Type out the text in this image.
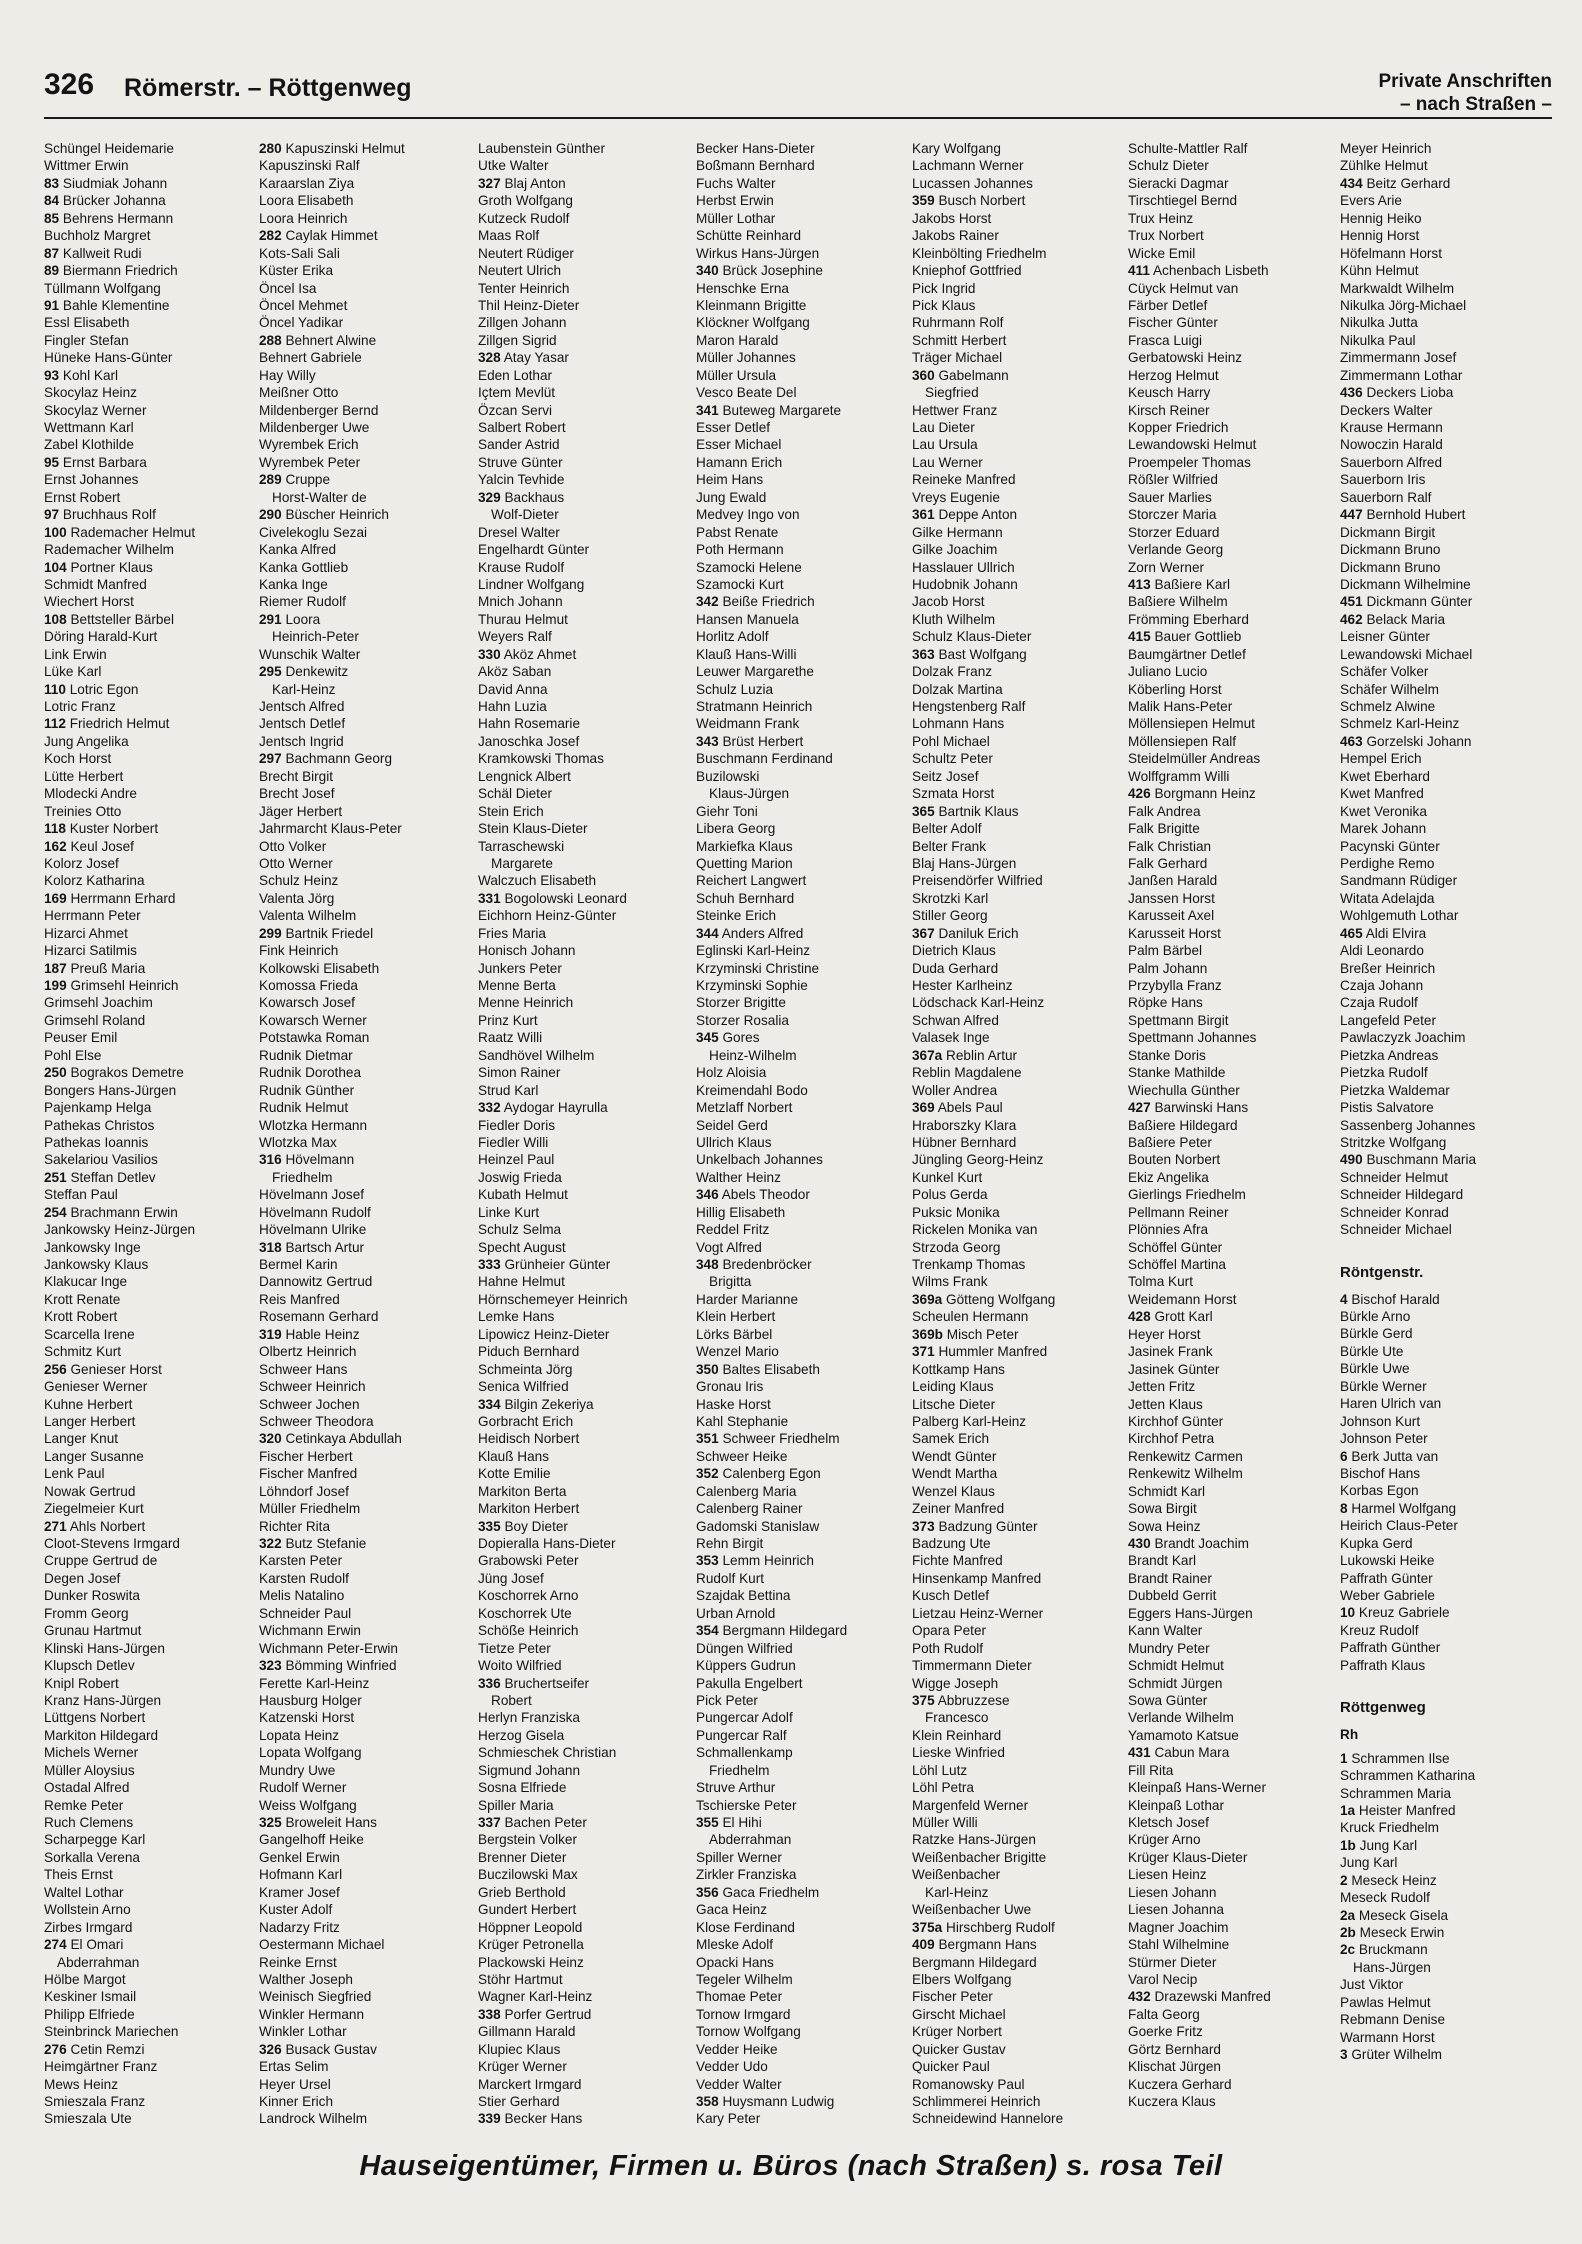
326 Römerstr. – Röttgenweg	Private Anschriften
– nach Straßen –
Schüngel Heidemarie
Wittmer Erwin
83 Siudmiak Johann
84 Brücker Johanna
85 Behrens Hermann
Buchholz Margret
87 Kallweit Rudi
89 Biermann Friedrich
Tüllmann Wolfgang
91 Bahle Klementine
Essl Elisabeth
Fingler Stefan
Hüneke Hans-Günter
93 Kohl Karl
Skocylaz Heinz
Skocylaz Werner
Wettmann Karl
Zabel Klothilde
95 Ernst Barbara
Ernst Johannes
Ernst Robert
97 Bruchhaus Rolf
100 Rademacher Helmut
Rademacher Wilhelm
104 Portner Klaus
Schmidt Manfred
Wiechert Horst
108 Bettsteller Bärbel
Döring Harald-Kurt
Link Erwin
Lüke Karl
110 Lotric Egon
Lotric Franz
112 Friedrich Helmut
Jung Angelika
Koch Horst
Lütte Herbert
Mlodecki Andre
Treinies Otto
118 Kuster Norbert
162 Keul Josef
Kolorz Josef
Kolorz Katharina
169 Herrmann Erhard
Herrmann Peter
Hizarci Ahmet
Hizarci Satilmis
187 Preuß Maria
199 Grimsehl Heinrich
Grimsehl Joachim
Grimsehl Roland
Peuser Emil
Pohl Else
250 Bograkos Demetre
Bongers Hans-Jürgen
Pajenkamp Helga
Pathekas Christos
Pathekas Ioannis
Sakelariou Vasilios
251 Steffan Detlev
Steffan Paul
254 Brachmann Erwin
Jankowsky Heinz-Jürgen
Jankowsky Inge
Jankowsky Klaus
Klakucar Inge
Krott Renate
Krott Robert
Scarcella Irene
Schmitz Kurt
256 Genieser Horst
Genieser Werner
Kuhne Herbert
Langer Herbert
Langer Knut
Langer Susanne
Lenk Paul
Nowak Gertrud
Ziegelmeier Kurt
271 Ahls Norbert
Cloot-Stevens Irmgard
Cruppe Gertrud de
Degen Josef
Dunker Roswita
Fromm Georg
Grunau Hartmut
Klinski Hans-Jürgen
Klupsch Detlev
Knipl Robert
Kranz Hans-Jürgen
Lüttgens Norbert
Markiton Hildegard
Michels Werner
Müller Aloysius
Ostadal Alfred
Remke Peter
Ruch Clemens
Scharpegge Karl
Sorkalla Verena
Theis Ernst
Waltel Lothar
Wollstein Arno
Zirbes Irmgard
274 El Omari
Abderrahman
Hölbe Margot
Keskiner Ismail
Philipp Elfriede
Steinbrinck Mariechen
276 Cetin Remzi
Heimgärtner Franz
Mews Heinz
Smieszala Franz
Smieszala Ute
280 Kapuszinski Helmut
Kapuszinski Ralf
Karaarslan Ziya
Loora Elisabeth
Loora Heinrich
282 Caylak Himmet
Kots-Sali Sali
Küster Erika
Öncel Isa
Öncel Mehmet
Öncel Yadikar
288 Behnert Alwine
Behnert Gabriele
Hay Willy
Meißner Otto
Mildenberger Bernd
Mildenberger Uwe
Wyrembek Erich
Wyrembek Peter
289 Cruppe
Horst-Walter de
290 Büscher Heinrich
Civelekoglu Sezai
Kanka Alfred
Kanka Gottlieb
Kanka Inge
Riemer Rudolf
291 Loora
Heinrich-Peter
Wunschik Walter
295 Denkewitz
Karl-Heinz
Jentsch Alfred
Jentsch Detlef
Jentsch Ingrid
297 Bachmann Georg
Brecht Birgit
Brecht Josef
Jäger Herbert
Jahrmarcht Klaus-Peter
Otto Volker
Otto Werner
Schulz Heinz
Valenta Jörg
Valenta Wilhelm
299 Bartnik Friedel
Fink Heinrich
Kolkowski Elisabeth
Komossa Frieda
Kowarsch Josef
Kowarsch Werner
Potstawka Roman
Rudnik Dietmar
Rudnik Dorothea
Rudnik Günther
Rudnik Helmut
Wlotzka Hermann
Wlotzka Max
316 Hövelmann
Friedhelm
Hövelmann Josef
Hövelmann Rudolf
Hövelmann Ulrike
318 Bartsch Artur
Bermel Karin
Dannowitz Gertrud
Reis Manfred
Rosemann Gerhard
319 Hable Heinz
Olbertz Heinrich
Schweer Hans
Schweer Heinrich
Schweer Jochen
Schweer Theodora
320 Cetinkaya Abdullah
Fischer Herbert
Fischer Manfred
Löhndorf Josef
Müller Friedhelm
Richter Rita
322 Butz Stefanie
Karsten Peter
Karsten Rudolf
Melis Natalino
Schneider Paul
Wichmann Erwin
Wichmann Peter-Erwin
323 Bömming Winfried
Ferette Karl-Heinz
Hausburg Holger
Katzenski Horst
Lopata Heinz
Lopata Wolfgang
Mundry Uwe
Rudolf Werner
Weiss Wolfgang
325 Broweleit Hans
Gangelhoff Heike
Genkel Erwin
Hofmann Karl
Kramer Josef
Kuster Adolf
Nadarzy Fritz
Oestermann Michael
Reinke Ernst
Walther Joseph
Weinisch Siegfried
Winkler Hermann
Winkler Lothar
326 Busack Gustav
Ertas Selim
Heyer Ursel
Kinner Erich
Landrock Wilhelm
Laubenstein Günther
Utke Walter
327 Blaj Anton
Groth Wolfgang
Kutzeck Rudolf
Maas Rolf
Neutert Rüdiger
Neutert Ulrich
Tenter Heinrich
Thil Heinz-Dieter
Zillgen Johann
Zillgen Sigrid
328 Atay Yasar
Eden Lothar
Içtem Mevlüt
Özcan Servi
Salbert Robert
Sander Astrid
Struve Günter
Yalcin Tevhide
329 Backhaus
Wolf-Dieter
Dresel Walter
Engelhardt Günter
Krause Rudolf
Lindner Wolfgang
Mnich Johann
Thurau Helmut
Weyers Ralf
330 Aköz Ahmet
Aköz Saban
David Anna
Hahn Luzia
Hahn Rosemarie
Janoschka Josef
Kramkowski Thomas
Lengnick Albert
Schäl Dieter
Stein Erich
Stein Klaus-Dieter
Tarraschewski
Margarete
Walczuch Elisabeth
331 Bogolowski Leonard
Eichhorn Heinz-Günter
Fries Maria
Honisch Johann
Junkers Peter
Menne Berta
Menne Heinrich
Prinz Kurt
Raatz Willi
Sandhövel Wilhelm
Simon Rainer
Strud Karl
332 Aydogar Hayrulla
Fiedler Doris
Fiedler Willi
Heinzel Paul
Joswig Frieda
Kubath Helmut
Linke Kurt
Schulz Selma
Specht August
333 Grünheier Günter
Hahne Helmut
Hörnschemeyer Heinrich
Lemke Hans
Lipowicz Heinz-Dieter
Piduch Bernhard
Schmeinta Jörg
Senica Wilfried
334 Bilgin Zekeriya
Gorbracht Erich
Heidisch Norbert
Klauß Hans
Kotte Emilie
Markiton Berta
Markiton Herbert
335 Boy Dieter
Dopieralla Hans-Dieter
Grabowski Peter
Jüng Josef
Koschorrek Arno
Koschorrek Ute
Schöße Heinrich
Tietze Peter
Woito Wilfried
336 Bruchertseifer
Robert
Herlyn Franziska
Herzog Gisela
Schmieschek Christian
Sigmund Johann
Sosna Elfriede
Spiller Maria
337 Bachen Peter
Bergstein Volker
Brenner Dieter
Buczilowski Max
Grieb Berthold
Gundert Herbert
Höppner Leopold
Krüger Petronella
Plackowski Heinz
Stöhr Hartmut
Wagner Karl-Heinz
338 Porfer Gertrud
Gillmann Harald
Klupiec Klaus
Krüger Werner
Marckert Irmgard
Stier Gerhard
339 Becker Hans
Becker Hans-Dieter
Boßmann Bernhard
Fuchs Walter
Herbst Erwin
Müller Lothar
Schütte Reinhard
Wirkus Hans-Jürgen
340 Brück Josephine
Henschke Erna
Kleinmann Brigitte
Klöckner Wolfgang
Maron Harald
Müller Johannes
Müller Ursula
Vesco Beate Del
341 Buteweg Margarete
Esser Detlef
Esser Michael
Hamann Erich
Heim Hans
Jung Ewald
Medvey Ingo von
Pabst Renate
Poth Hermann
Szamocki Helene
Szamocki Kurt
342 Beiße Friedrich
Hansen Manuela
Horlitz Adolf
Klauß Hans-Willi
Leuwer Margarethe
Schulz Luzia
Stratmann Heinrich
Weidmann Frank
343 Brüst Herbert
Buschmann Ferdinand
Buzilowski
Klaus-Jürgen
Giehr Toni
Libera Georg
Markiefka Klaus
Quetting Marion
Reichert Langwert
Schuh Bernhard
Steinke Erich
344 Anders Alfred
Eglinski Karl-Heinz
Krzyminski Christine
Krzyminski Sophie
Storzer Brigitte
Storzer Rosalia
345 Gores
Heinz-Wilhelm
Holz Aloisia
Kreimendahl Bodo
Metzlaff Norbert
Seidel Gerd
Ullrich Klaus
Unkelbach Johannes
Walther Heinz
346 Abels Theodor
Hillig Elisabeth
Reddel Fritz
Vogt Alfred
348 Bredenbröcker
Brigitta
Harder Marianne
Klein Herbert
Lörks Bärbel
Wenzel Mario
350 Baltes Elisabeth
Gronau Iris
Haske Horst
Kahl Stephanie
351 Schweer Friedhelm
Schweer Heike
352 Calenberg Egon
Calenberg Maria
Calenberg Rainer
Gadomski Stanislaw
Rehn Birgit
353 Lemm Heinrich
Rudolf Kurt
Szajdak Bettina
Urban Arnold
354 Bergmann Hildegard
Düngen Wilfried
Küppers Gudrun
Pakulla Engelbert
Pick Peter
Pungercar Adolf
Pungercar Ralf
Schmallenkamp
Friedhelm
Struve Arthur
Tschierske Peter
355 El Hihi
Abderrahman
Spiller Werner
Zirkler Franziska
356 Gaca Friedhelm
Gaca Heinz
Klose Ferdinand
Mleske Adolf
Opacki Hans
Tegeler Wilhelm
Thomae Peter
Tornow Irmgard
Tornow Wolfgang
Vedder Heike
Vedder Udo
Vedder Walter
358 Huysmann Ludwig
Kary Peter
Kary Wolfgang
Lachmann Werner
Lucassen Johannes
359 Busch Norbert
Jakobs Horst
Jakobs Rainer
Kleinbölting Friedhelm
Kniephof Gottfried
Pick Ingrid
Pick Klaus
Ruhrmann Rolf
Schmitt Herbert
Träger Michael
360 Gabelmann
Siegfried
Hettwer Franz
Lau Dieter
Lau Ursula
Lau Werner
Reineke Manfred
Vreys Eugenie
361 Deppe Anton
Gilke Hermann
Gilke Joachim
Hasslauer Ullrich
Hudobnik Johann
Jacob Horst
Kluth Wilhelm
Schulz Klaus-Dieter
363 Bast Wolfgang
Dolzak Franz
Dolzak Martina
Hengstenberg Ralf
Lohmann Hans
Pohl Michael
Schultz Peter
Seitz Josef
Szmata Horst
365 Bartnik Klaus
Belter Adolf
Belter Frank
Blaj Hans-Jürgen
Preisendörfer Wilfried
Skrotzki Karl
Stiller Georg
367 Daniluk Erich
Dietrich Klaus
Duda Gerhard
Hester Karlheinz
Lödschack Karl-Heinz
Schwan Alfred
Valasek Inge
367a Reblin Artur
Reblin Magdalene
Woller Andrea
369 Abels Paul
Hraborszky Klara
Hübner Bernhard
Jüngling Georg-Heinz
Kunkel Kurt
Polus Gerda
Puksic Monika
Rickelen Monika van
Strzoda Georg
Trenkamp Thomas
Wilms Frank
369a Götteng Wolfgang
Scheulen Hermann
369b Misch Peter
371 Hummler Manfred
Kottkamp Hans
Leiding Klaus
Litsche Dieter
Palberg Karl-Heinz
Samek Erich
Wendt Günter
Wendt Martha
Wenzel Klaus
Zeiner Manfred
373 Badzung Günter
Badzung Ute
Fichte Manfred
Hinsenkamp Manfred
Kusch Detlef
Lietzau Heinz-Werner
Opara Peter
Poth Rudolf
Timmermann Dieter
Wigge Joseph
375 Abbruzzese
Francesco
Klein Reinhard
Lieske Winfried
Löhl Lutz
Löhl Petra
Margenfeld Werner
Müller Willi
Ratzke Hans-Jürgen
Weißenbacher Brigitte
Weißenbacher
Karl-Heinz
Weißenbacher Uwe
375a Hirschberg Rudolf
409 Bergmann Hans
Bergmann Hildegard
Elbers Wolfgang
Fischer Peter
Girscht Michael
Krüger Norbert
Quicker Gustav
Quicker Paul
Romanowsky Paul
Schlimmerei Heinrich
Schneidewind Hannelore
Schulte-Mattler Ralf
Schulz Dieter
Sieracki Dagmar
Tirschtiegel Bernd
Trux Heinz
Trux Norbert
Wicke Emil
411 Achenbach Lisbeth
Cüyck Helmut van
Färber Detlef
Fischer Günter
Frasca Luigi
Gerbatowski Heinz
Herzog Helmut
Keusch Harry
Kirsch Reiner
Kopper Friedrich
Lewandowski Helmut
Proempeler Thomas
Rößler Wilfried
Sauer Marlies
Storczer Maria
Storzer Eduard
Verlande Georg
Zorn Werner
413 Baßiere Karl
Baßiere Wilhelm
Frömming Eberhard
415 Bauer Gottlieb
Baumgärtner Detlef
Juliano Lucio
Köberling Horst
Malik Hans-Peter
Möllensiepen Helmut
Möllensiepen Ralf
Steidelmüller Andreas
Wolffgramm Willi
426 Borgmann Heinz
Falk Andrea
Falk Brigitte
Falk Christian
Falk Gerhard
Janßen Harald
Janssen Horst
Karusseit Axel
Karusseit Horst
Palm Bärbel
Palm Johann
Przybylla Franz
Röpke Hans
Spettmann Birgit
Spettmann Johannes
Stanke Doris
Stanke Mathilde
Wiechulla Günther
427 Barwinski Hans
Baßiere Hildegard
Baßiere Peter
Bouten Norbert
Ekiz Angelika
Gierlings Friedhelm
Pellmann Reiner
Plönnies Afra
Schöffel Günter
Schöffel Martina
Tolma Kurt
Weidemann Horst
428 Grott Karl
Heyer Horst
Jasinek Frank
Jasinek Günter
Jetten Fritz
Jetten Klaus
Kirchhof Günter
Kirchhof Petra
Renkewitz Carmen
Renkewitz Wilhelm
Schmidt Karl
Sowa Birgit
Sowa Heinz
430 Brandt Joachim
Brandt Karl
Brandt Rainer
Dubbeld Gerrit
Eggers Hans-Jürgen
Kann Walter
Mundry Peter
Schmidt Helmut
Schmidt Jürgen
Sowa Günter
Verlande Wilhelm
Yamamoto Katsue
431 Cabun Mara
Fill Rita
Kleinpaß Hans-Werner
Kleinpaß Lothar
Kletsch Josef
Krüger Arno
Krüger Klaus-Dieter
Liesen Heinz
Liesen Johann
Liesen Johanna
Magner Joachim
Stahl Wilhelmine
Stürmer Dieter
Varol Necip
432 Drazewski Manfred
Falta Georg
Goerke Fritz
Görtz Bernhard
Klischat Jürgen
Kuczera Gerhard
Kuczera Klaus
Meyer Heinrich
Zühlke Helmut
434 Beitz Gerhard
Evers Arie
Hennig Heiko
Hennig Horst
Höfelmann Horst
Kühn Helmut
Markwaldt Wilhelm
Nikulka Jörg-Michael
Nikulka Jutta
Nikulka Paul
Zimmermann Josef
Zimmermann Lothar
436 Deckers Lioba
Deckers Walter
Krause Hermann
Nowoczin Harald
Sauerborn Alfred
Sauerborn Iris
Sauerborn Ralf
447 Bernhold Hubert
Dickmann Birgit
Dickmann Bruno
Dickmann Bruno
Dickmann Wilhelmine
451 Dickmann Günter
462 Belack Maria
Leisner Günter
Lewandowski Michael
Schäfer Volker
Schäfer Wilhelm
Schmelz Alwine
Schmelz Karl-Heinz
463 Gorzelski Johann
Hempel Erich
Kwet Eberhard
Kwet Manfred
Kwet Veronika
Marek Johann
Pacynski Günter
Perdighe Remo
Sandmann Rüdiger
Witata Adelajda
Wohlgemuth Lothar
465 Aldi Elvira
Aldi Leonardo
Breßer Heinrich
Czaja Johann
Czaja Rudolf
Langefeld Peter
Pawlaczyzk Joachim
Pietzka Andreas
Pietzka Rudolf
Pietzka Waldemar
Pistis Salvatore
Sassenberg Johannes
Stritzke Wolfgang
490 Buschmann Maria
Schneider Helmut
Schneider Hildegard
Schneider Konrad
Schneider Michael
Röntgenstr.
4 Bischof Harald
Bürkle Arno
Bürkle Gerd
Bürkle Ute
Bürkle Uwe
Bürkle Werner
Haren Ulrich van
Johnson Kurt
Johnson Peter
6 Berk Jutta van
Bischof Hans
Korbas Egon
8 Harmel Wolfgang
Heirich Claus-Peter
Kupka Gerd
Lukowski Heike
Paffrath Günter
Weber Gabriele
10 Kreuz Gabriele
Kreuz Rudolf
Paffrath Günther
Paffrath Klaus
Röttgenweg
Rh
1 Schrammen Ilse
Schrammen Katharina
Schrammen Maria
1a Heister Manfred
Kruck Friedhelm
1b Jung Karl
Jung Karl
2 Meseck Heinz
Meseck Rudolf
2a Meseck Gisela
2b Meseck Erwin
2c Bruckmann
Hans-Jürgen
Just Viktor
Pawlas Helmut
Rebmann Denise
Warmann Horst
3 Grüter Wilhelm
Hauseigentümer, Firmen u. Büros (nach Straßen) s. rosa Teil
